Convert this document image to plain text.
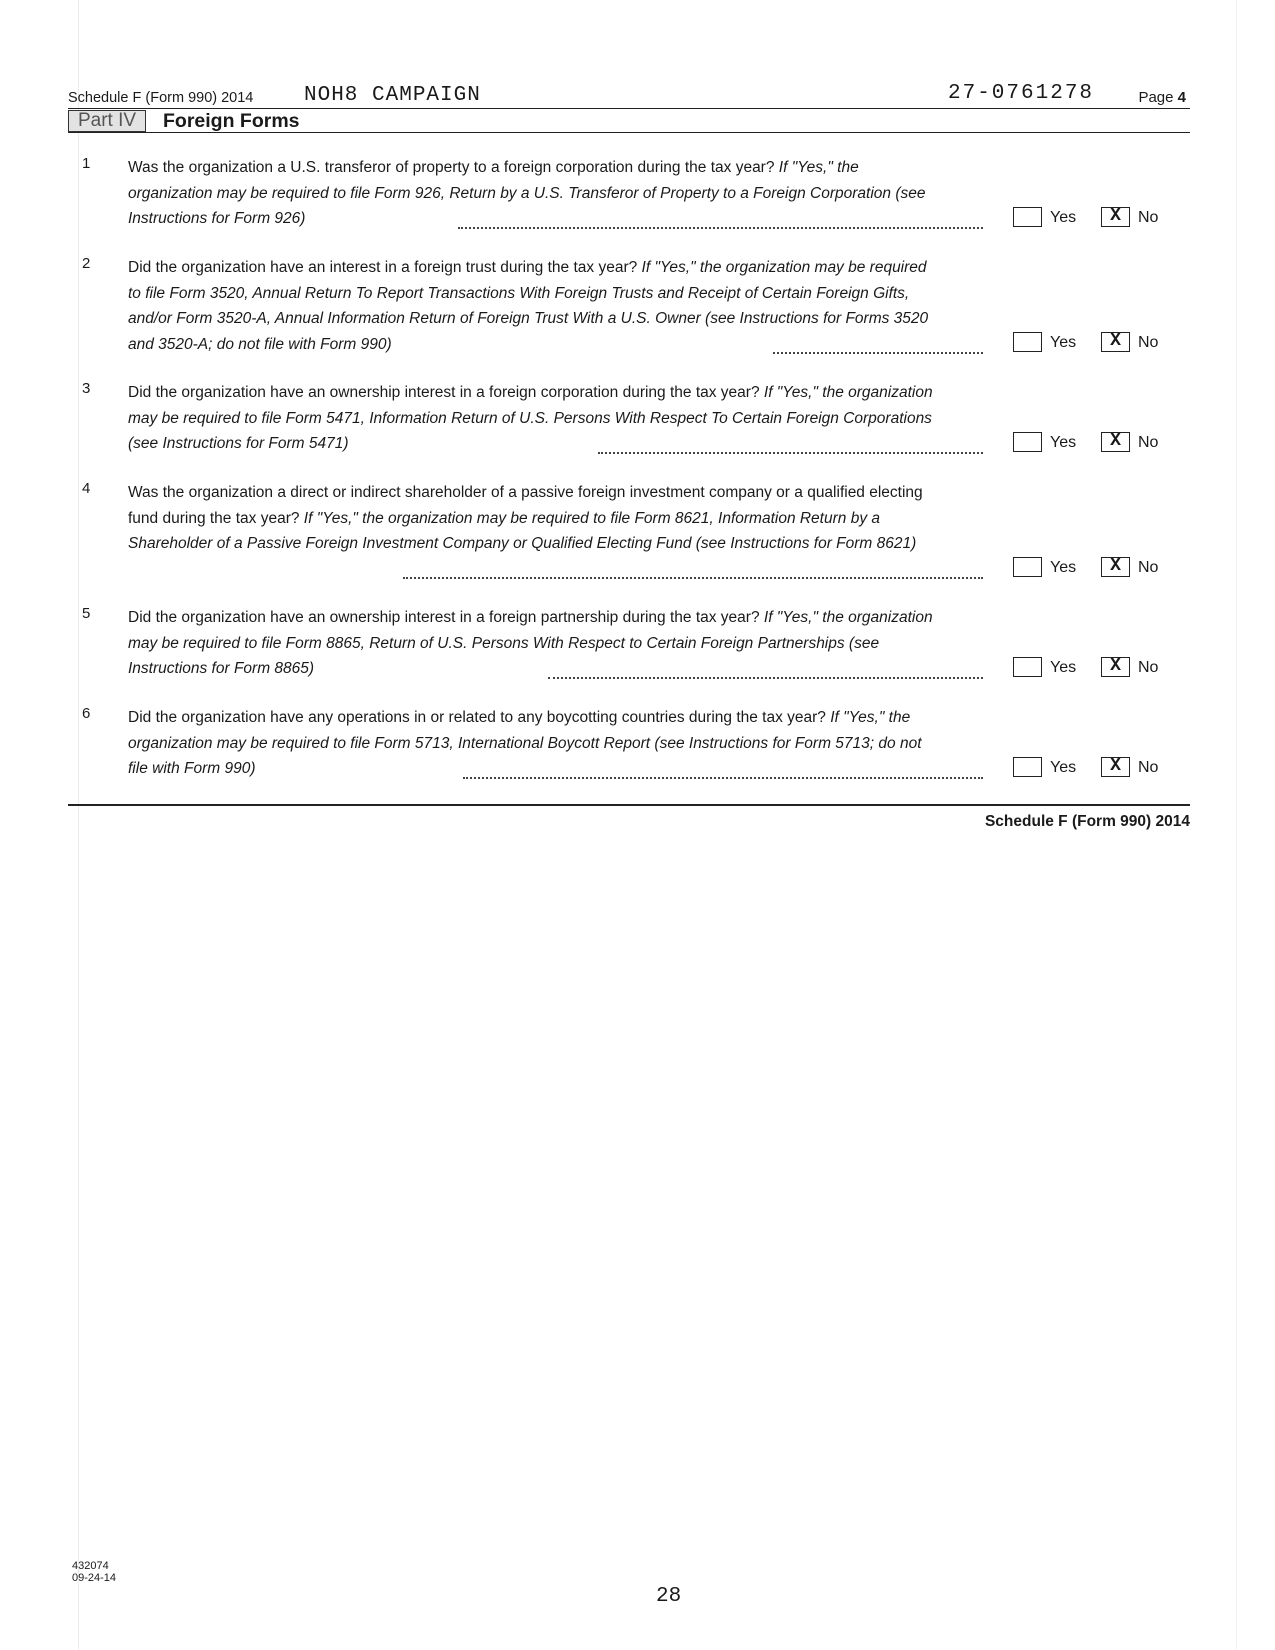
Schedule F (Form 990) 2014 NOH8 CAMPAIGN	27-0761278	Page 4
Part IV	Foreign Forms
1 Was the organization a U.S. transferor of property to a foreign corporation during the tax year? If "Yes," the organization may be required to file Form 926, Return by a U.S. Transferor of Property to a Foreign Corporation (see Instructions for Form 926)	Yes	X	No
2 Did the organization have an interest in a foreign trust during the tax year? If "Yes," the organization may be required to file Form 3520, Annual Return To Report Transactions With Foreign Trusts and Receipt of Certain Foreign Gifts, and/or Form 3520-A, Annual Information Return of Foreign Trust With a U.S. Owner (see Instructions for Forms 3520 and 3520-A; do not file with Form 990)	Yes	X	No
3 Did the organization have an ownership interest in a foreign corporation during the tax year? If "Yes," the organization may be required to file Form 5471, Information Return of U.S. Persons With Respect To Certain Foreign Corporations (see Instructions for Form 5471)	Yes	X	No
4 Was the organization a direct or indirect shareholder of a passive foreign investment company or a qualified electing fund during the tax year? If "Yes," the organization may be required to file Form 8621, Information Return by a Shareholder of a Passive Foreign Investment Company or Qualified Electing Fund (see Instructions for Form 8621)
Yes	X	No
5 Did the organization have an ownership interest in a foreign partnership during the tax year? If "Yes," the organization may be required to file Form 8865, Return of U.S. Persons With Respect to Certain Foreign Partnerships (see Instructions for Form 8865)	Yes	X	No
6 Did the organization have any operations in or related to any boycotting countries during the tax year? If "Yes," the organization may be required to file Form 5713, International Boycott Report (see Instructions for Form 5713; do not file with Form 990)	Yes	X	No
Schedule F (Form 990) 2014
432074
09-24-14
28
